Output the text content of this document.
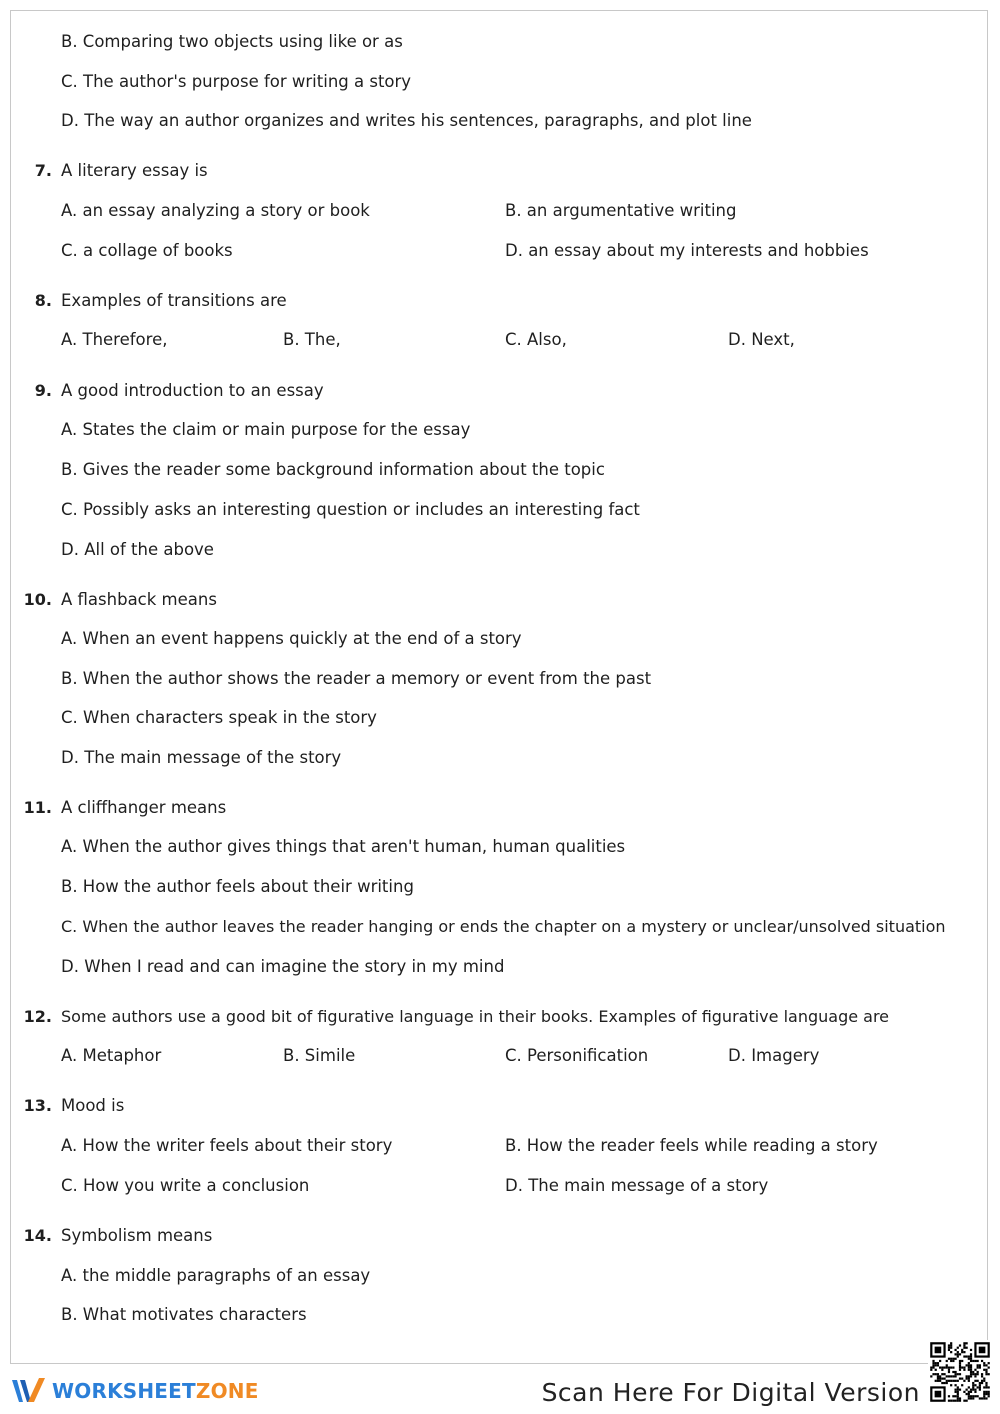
B. Comparing two objects using like or as
C. The author's purpose for writing a story
D. The way an author organizes and writes his sentences, paragraphs, and plot line
7. A literary essay is
A. an essay analyzing a story or book	B. an argumentative writing
C. a collage of books	D. an essay about my interests and hobbies
8. Examples of transitions are
A. Therefore,	B. The,	C. Also,	D. Next,
9. A good introduction to an essay
A. States the claim or main purpose for the essay
B. Gives the reader some background information about the topic
C. Possibly asks an interesting question or includes an interesting fact
D. All of the above
10. A flashback means
A. When an event happens quickly at the end of a story
B. When the author shows the reader a memory or event from the past
C. When characters speak in the story
D. The main message of the story
11. A cliffhanger means
A. When the author gives things that aren't human, human qualities
B. How the author feels about their writing
C. When the author leaves the reader hanging or ends the chapter on a mystery or unclear/unsolved situation
D. When I read and can imagine the story in my mind
12. Some authors use a good bit of figurative language in their books. Examples of figurative language are
A. Metaphor	B. Simile	C. Personification	D. Imagery
13. Mood is
A. How the writer feels about their story	B. How the reader feels while reading a story
C. How you write a conclusion	D. The main message of a story
14. Symbolism means
A. the middle paragraphs of an essay
B. What motivates characters
WORKSHEETZONE	Scan Here For Digital Version
